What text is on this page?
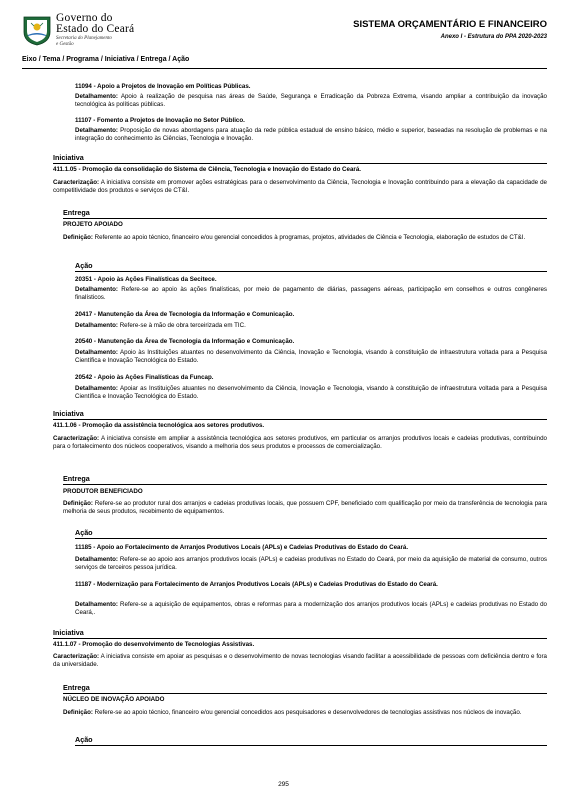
Governo do
Estado do Ceará
Secretaria do Planejamento
e Gestão
SISTEMA ORÇAMENTÁRIO E FINANCEIRO
Anexo I - Estrutura do PPA 2020-2023
Eixo / Tema / Programa / Iniciativa / Entrega / Ação
11094 - Apoio a Projetos de Inovação em Políticas Públicas.
Detalhamento: Apoio à realização de pesquisa nas áreas de Saúde, Segurança e Erradicação da Pobreza Extrema, visando ampliar a contribuição da inovação tecnológica às políticas públicas.
11107 - Fomento a Projetos de Inovação no Setor Público.
Detalhamento: Proposição de novas abordagens para atuação da rede pública estadual de ensino básico, médio e superior, baseadas na resolução de problemas e na integração do conhecimento às Ciências, Tecnologia e Inovação.
Iniciativa
411.1.05 - Promoção da consolidação do Sistema de Ciência, Tecnologia e Inovação do Estado do Ceará.
Caracterização: A iniciativa consiste em promover ações estratégicas para o desenvolvimento da Ciência, Tecnologia e Inovação contribuindo para a elevação da capacidade de competitividade dos produtos e serviços de CT&I.
Entrega
PROJETO APOIADO
Definição: Referente ao apoio técnico, financeiro e/ou gerencial concedidos à programas, projetos, atividades de Ciência e Tecnologia, elaboração de estudos de CT&I.
Ação
20351 - Apoio às Ações Finalísticas da Secitece.
Detalhamento: Refere-se ao apoio às ações finalísticas, por meio de pagamento de diárias, passagens aéreas, participação em conselhos e outros congêneres finalísticos.
20417 - Manutenção da Área de Tecnologia da Informação e Comunicação.
Detalhamento: Refere-se à mão de obra terceirizada em TIC.
20540 - Manutenção da Área de Tecnologia da Informação e Comunicação.
Detalhamento: Apoio às Instituições atuantes no desenvolvimento da Ciência, Inovação e Tecnologia, visando à constituição de infraestrutura voltada para a Pesquisa Científica e Inovação Tecnológica do Estado.
20542 - Apoio às Ações Finalísticas da Funcap.
Detalhamento: Apoiar as Instituições atuantes no desenvolvimento da Ciência, Inovação e Tecnologia, visando à constituição de infraestrutura voltada para a Pesquisa Científica e Inovação Tecnológica do Estado.
Iniciativa
411.1.06 - Promoção da assistência tecnológica aos setores produtivos.
Caracterização: A iniciativa consiste em ampliar a assistência tecnológica aos setores produtivos, em particular os arranjos produtivos locais e cadeias produtivas, contribuindo para o fortalecimento dos núcleos cooperativos, visando a melhoria dos seus produtos e processos de comercialização.
Entrega
PRODUTOR BENEFICIADO
Definição: Refere-se ao produtor rural dos arranjos e cadeias produtivas locais, que possuem CPF, beneficiado com qualificação por meio da transferência de tecnologia para melhoria de seus produtos, recebimento de equipamentos.
Ação
11185 - Apoio ao Fortalecimento de Arranjos Produtivos Locais (APLs) e Cadeias Produtivas do Estado do Ceará.
Detalhamento: Refere-se ao apoio aos arranjos produtivos locais (APLs) e cadeias produtivas no Estado do Ceará, por meio da aquisição de material de consumo, outros serviços de terceiros pessoa jurídica.
11187 - Modernização para Fortalecimento de Arranjos Produtivos Locais (APLs) e Cadeias Produtivas do Estado do Ceará.
Detalhamento: Refere-se a aquisição de equipamentos, obras e reformas para a modernização dos arranjos produtivos locais (APLs) e cadeias produtivas no Estado do Ceará,.
Iniciativa
411.1.07 - Promoção do desenvolvimento de Tecnologias Assistivas.
Caracterização: A iniciativa consiste em apoiar as pesquisas e o desenvolvimento de novas tecnologias visando facilitar a acessibilidade de pessoas com deficiência dentro e fora da universidade.
Entrega
NÚCLEO DE INOVAÇÃO APOIADO
Definição: Refere-se ao apoio técnico, financeiro e/ou gerencial concedidos aos pesquisadores e desenvolvedores de tecnologias assistivas nos núcleos de inovação.
Ação
295
